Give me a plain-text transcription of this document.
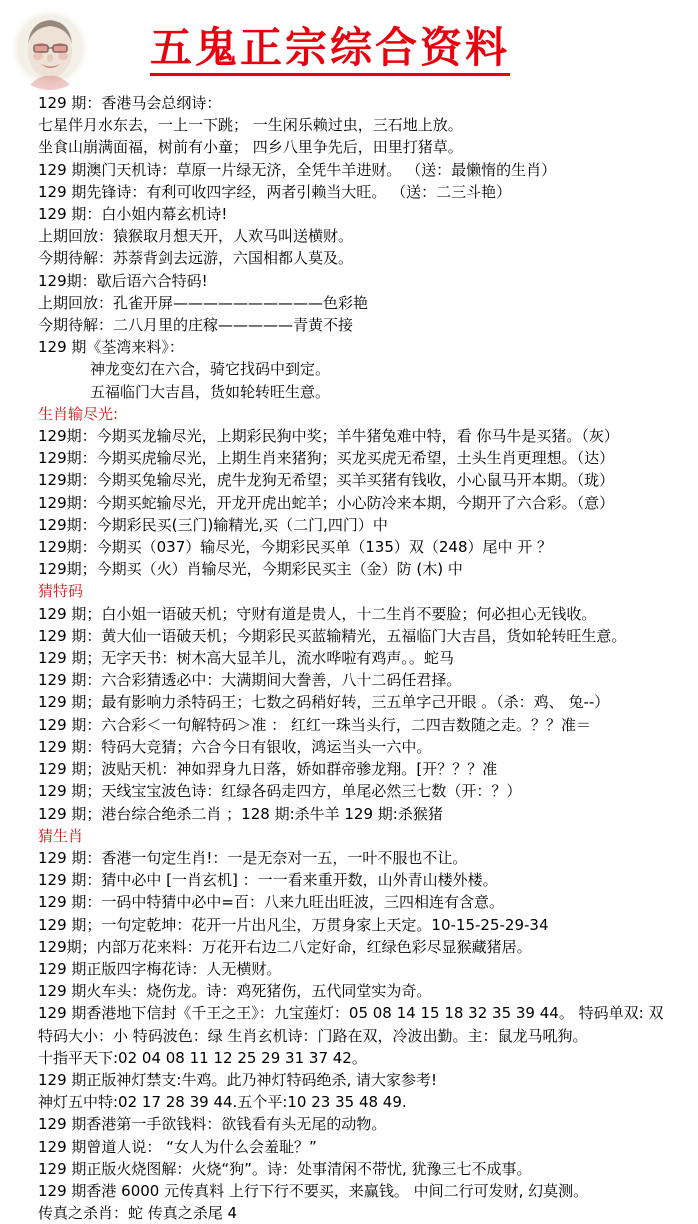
五鬼正宗综合资料
129 期：香港马会总纲诗：
七星伴月水东去，一上一下跳； 一生闲乐赖过虫，三石地上放。
坐食山崩满面福，树前有小童； 四乡八里争先后，田里打猪草。
129 期澳门天机诗：草原一片绿无济，全凭牛羊进财。 （送：最懒惰的生肖）
129 期先锋诗：有利可收四字经，两者引赖当大旺。 （送：二三斗艳）
129 期：白小姐内幕玄机诗!
上期回放：猿猴取月想天开，人欢马叫送横财。
今期待解：苏萘背剑去远游，六国相都人莫及。
129期：歇后语六合特码!
上期回放：孔雀开屏——————————色彩艳
今期待解：二八月里的庄稼—————青黄不接
129 期《荃湾来料》：
神龙变幻在六合，骑它找码中到定。
五福临门大吉昌，货如轮转旺生意。
生肖输尽光:
129期：今期买龙输尽光，上期彩民狗中奖；羊牛猪兔难中特，看 你马牛是买猪。（灰）
129期：今期买虎输尽光，上期生肖来猪狗；买龙买虎无希望，土头生肖更理想。（达）
129期：今期买兔输尽光，虎牛龙狗无希望；买羊买猪有钱收，小心鼠马开本期。（珑）
129期：今期买蛇输尽光，开龙开虎出蛇羊；小心防冷来本期，今期开了六合彩。（意）
129期：今期彩民买(三门)输精光,买（二门,四门）中
129期：今期买（037）输尽光，今期彩民买单（135）双（248）尾中 开 ？
129期；今期买（火）肖输尽光，今期彩民买主（金）防 (木) 中
猜特码
129 期；白小姐一语破天机；守财有道是贵人，十二生肖不要脸；何必担心无钱收。
129 期：黄大仙一语破天机；今期彩民买蓝输精光，五福临门大吉昌，货如轮转旺生意。
129 期；无字天书：树木高大显羊儿，流水哗啦有鸡声。。蛇马
129 期：六合彩猜透必中：大满期间大誊善，八十二码任君择。
129 期；最有影响力杀特码王；七数之码稍好转，三五单字己开眼 。（杀：鸡、 兔--）
129 期：六合彩＜一句解特码＞准 ： 红红一珠当头行，二四吉数随之走。？？准＝
129 期：特码大竞猜；六合今日有银收，鸿运当头一六中。
129 期；波贴天机：神如羿身九日落，娇如群帝骖龙翔。[开？？？准
129 期；天线宝宝波色诗：红绿各码走四方，单尾必然三七数（开：？）
129 期；港台综合绝杀二肖 ；128 期:杀牛羊 129 期:杀猴猪
猜生肖
129 期：香港一句定生肖!：一是无奈对一五，一叶不服也不让。
129 期：猜中必中 [一肖玄机] ：一一看来重开数，山外青山楼外楼。
129 期：一码中特猜中必中=百：八来九旺出旺波，三四相连有含意。
129 期；一句定乾坤：花开一片出凡尘，万贯身家上天定。10-15-25-29-34
129期；内部万花来料：万花开右边二八定好命，红绿色彩尽显猴藏猪居。
129 期正版四字梅花诗：人无横财。
129 期火车头：烧伤龙。诗：鸡死猪伤，五代同堂实为奇。
129 期香港地下信封《千王之王》：九宝莲灯：05 08 14 15 18 32 35 39 44。 特码单双: 双
特码大小：小 特码波色：绿 生肖玄机诗：门路在双，冷波出勤。主：鼠龙马吼狗。
十指平天下:02 04 08 11 12 25 29 31 37 42。
129 期正版神灯禁支:牛鸡。此乃神灯特码绝杀, 请大家参考!
神灯五中特:02 17 28 39 44.五个平:10 23 35 48 49.
129 期香港第一手欲钱料：欲钱看有头无尾的动物。
129 期曾道人说： “女人为什么会羞耻？”
129 期正版火烧图解：火烧“狗”。诗：处事清闲不带忧, 犹豫三七不成事。
129 期香港 6000 元传真料 上行下行不要买，来赢钱。 中间二行可发财, 幻莫测。
传真之杀肖：蛇 传真之杀尾 4
